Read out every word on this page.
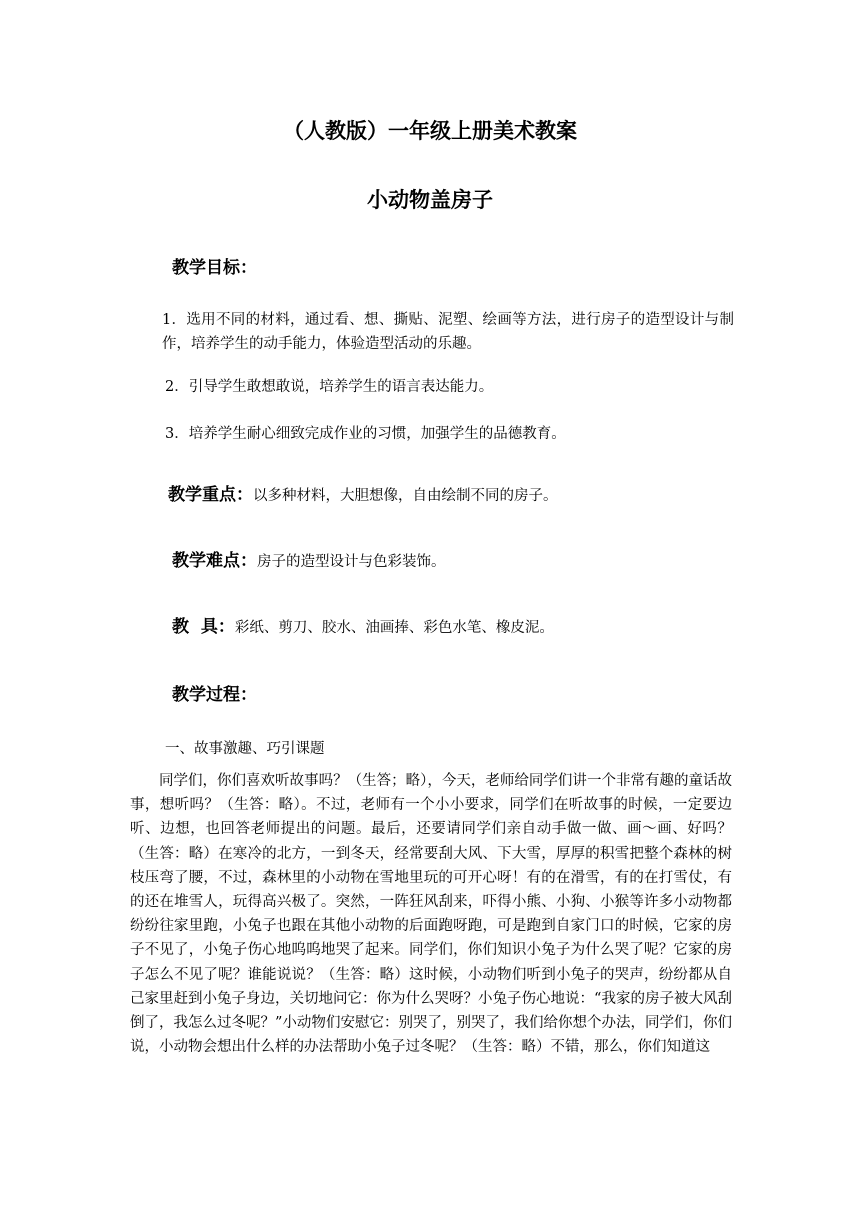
（人教版）一年级上册美术教案
小动物盖房子
教学目标：
1．选用不同的材料，通过看、想、撕贴、泥塑、绘画等方法，进行房子的造型设计与制作，培养学生的动手能力，体验造型活动的乐趣。
2．引导学生敢想敢说，培养学生的语言表达能力。
3．培养学生耐心细致完成作业的习惯，加强学生的品德教育。
教学重点：以多种材料，大胆想像，自由绘制不同的房子。
教学难点：房子的造型设计与色彩装饰。
教  具：彩纸、剪刀、胶水、油画捧、彩色水笔、橡皮泥。
教学过程：
一、故事激趣、巧引课题
同学们，你们喜欢听故事吗？（生答；略），今天，老师给同学们讲一个非常有趣的童话故事，想听吗？（生答：略）。不过，老师有一个小小要求，同学们在听故事的时候，一定要边听、边想，也回答老师提出的问题。最后，还要请同学们亲自动手做一做、画～画、好吗？（生答：略）在寒冷的北方，一到冬天，经常要刮大风、下大雪，厚厚的积雪把整个森林的树枝压弯了腰，不过，森林里的小动物在雪地里玩的可开心呀！有的在滑雪，有的在打雪仗，有的还在堆雪人，玩得高兴极了。突然，一阵狂风刮来，吓得小熊、小狗、小猴等许多小动物都纷纷往家里跑，小兔子也跟在其他小动物的后面跑呀跑，可是跑到自家门口的时候，它家的房子不见了，小兔子伤心地呜呜地哭了起来。同学们，你们知识小兔子为什么哭了呢？它家的房子怎么不见了呢？谁能说说？（生答：略）这时候，小动物们听到小兔子的哭声，纷纷都从自己家里赶到小兔子身边，关切地问它：你为什么哭呀？小兔子伤心地说：“我家的房子被大风刮倒了，我怎么过冬呢？”小动物们安慰它：别哭了，别哭了，我们给你想个办法，同学们，你们说，小动物会想出什么样的办法帮助小兔子过冬呢？（生答：略）不错，那么，你们知道这
